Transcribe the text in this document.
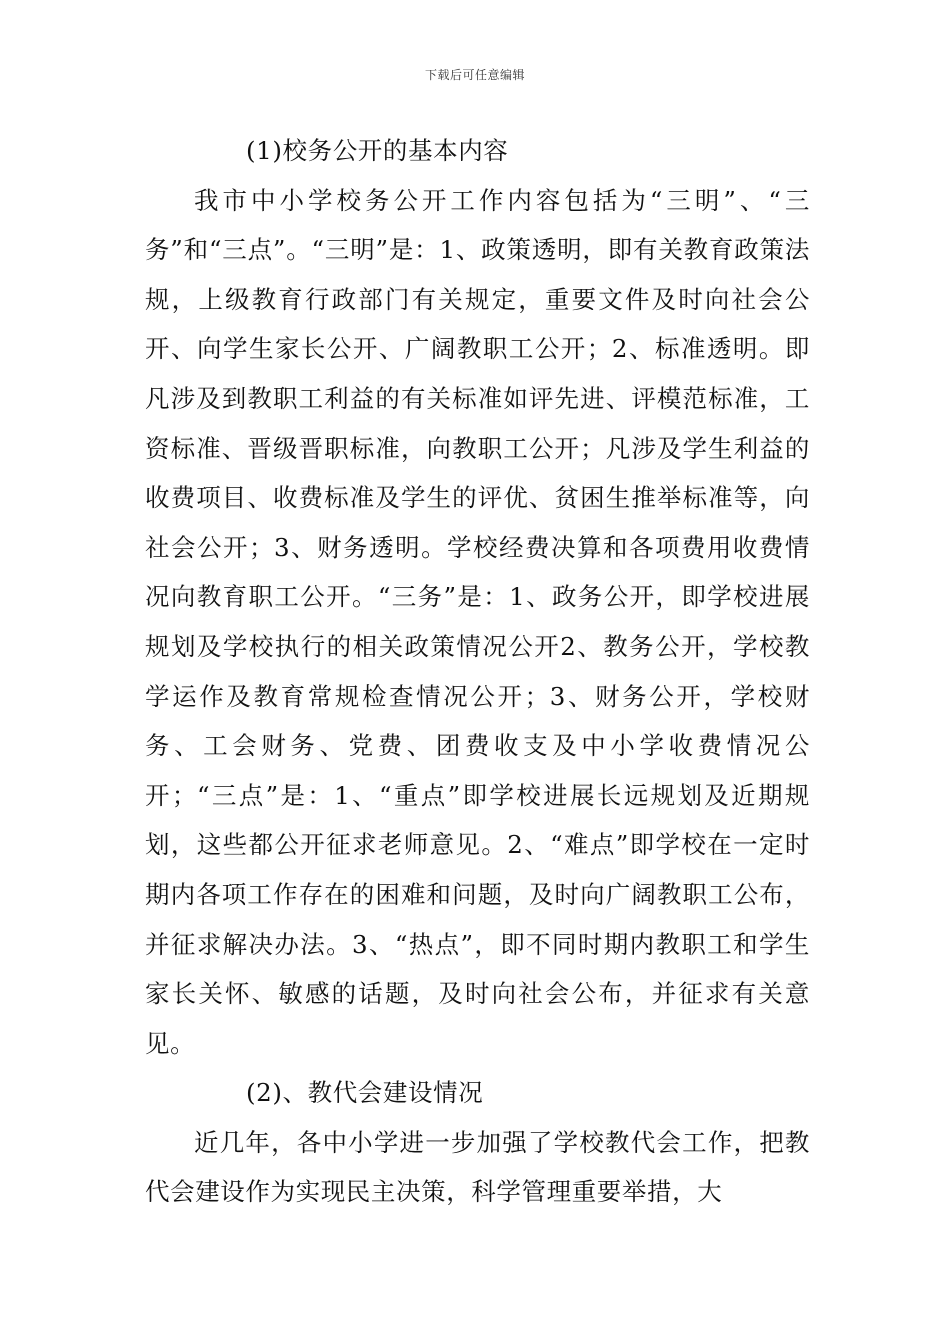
下载后可任意编辑

(1)校务公开的基本内容

我市中小学校务公开工作内容包括为“三明”、“三务”和“三点”。“三明”是：1、政策透明，即有关教育政策法规，上级教育行政部门有关规定，重要文件及时向社会公开、向学生家长公开、广阔教职工公开；2、标准透明。即凡涉及到教职工利益的有关标准如评先进、评模范标准，工资标准、晋级晋职标准，向教职工公开；凡涉及学生利益的收费项目、收费标准及学生的评优、贫困生推举标准等，向社会公开；3、财务透明。学校经费决算和各项费用收费情况向教育职工公开。“三务”是：1、政务公开，即学校进展规划及学校执行的相关政策情况公开2、教务公开，学校教学运作及教育常规检查情况公开；3、财务公开，学校财务、工会财务、党费、团费收支及中小学收费情况公开；“三点”是：1、“重点”即学校进展长远规划及近期规划，这些都公开征求老师意见。2、“难点”即学校在一定时期内各项工作存在的困难和问题，及时向广阔教职工公布，并征求解决办法。3、“热点”，即不同时期内教职工和学生家长关怀、敏感的话题，及时向社会公布，并征求有关意见。

(2)、教代会建设情况

近几年，各中小学进一步加强了学校教代会工作，把教代会建设作为实现民主决策，科学管理重要举措，大
